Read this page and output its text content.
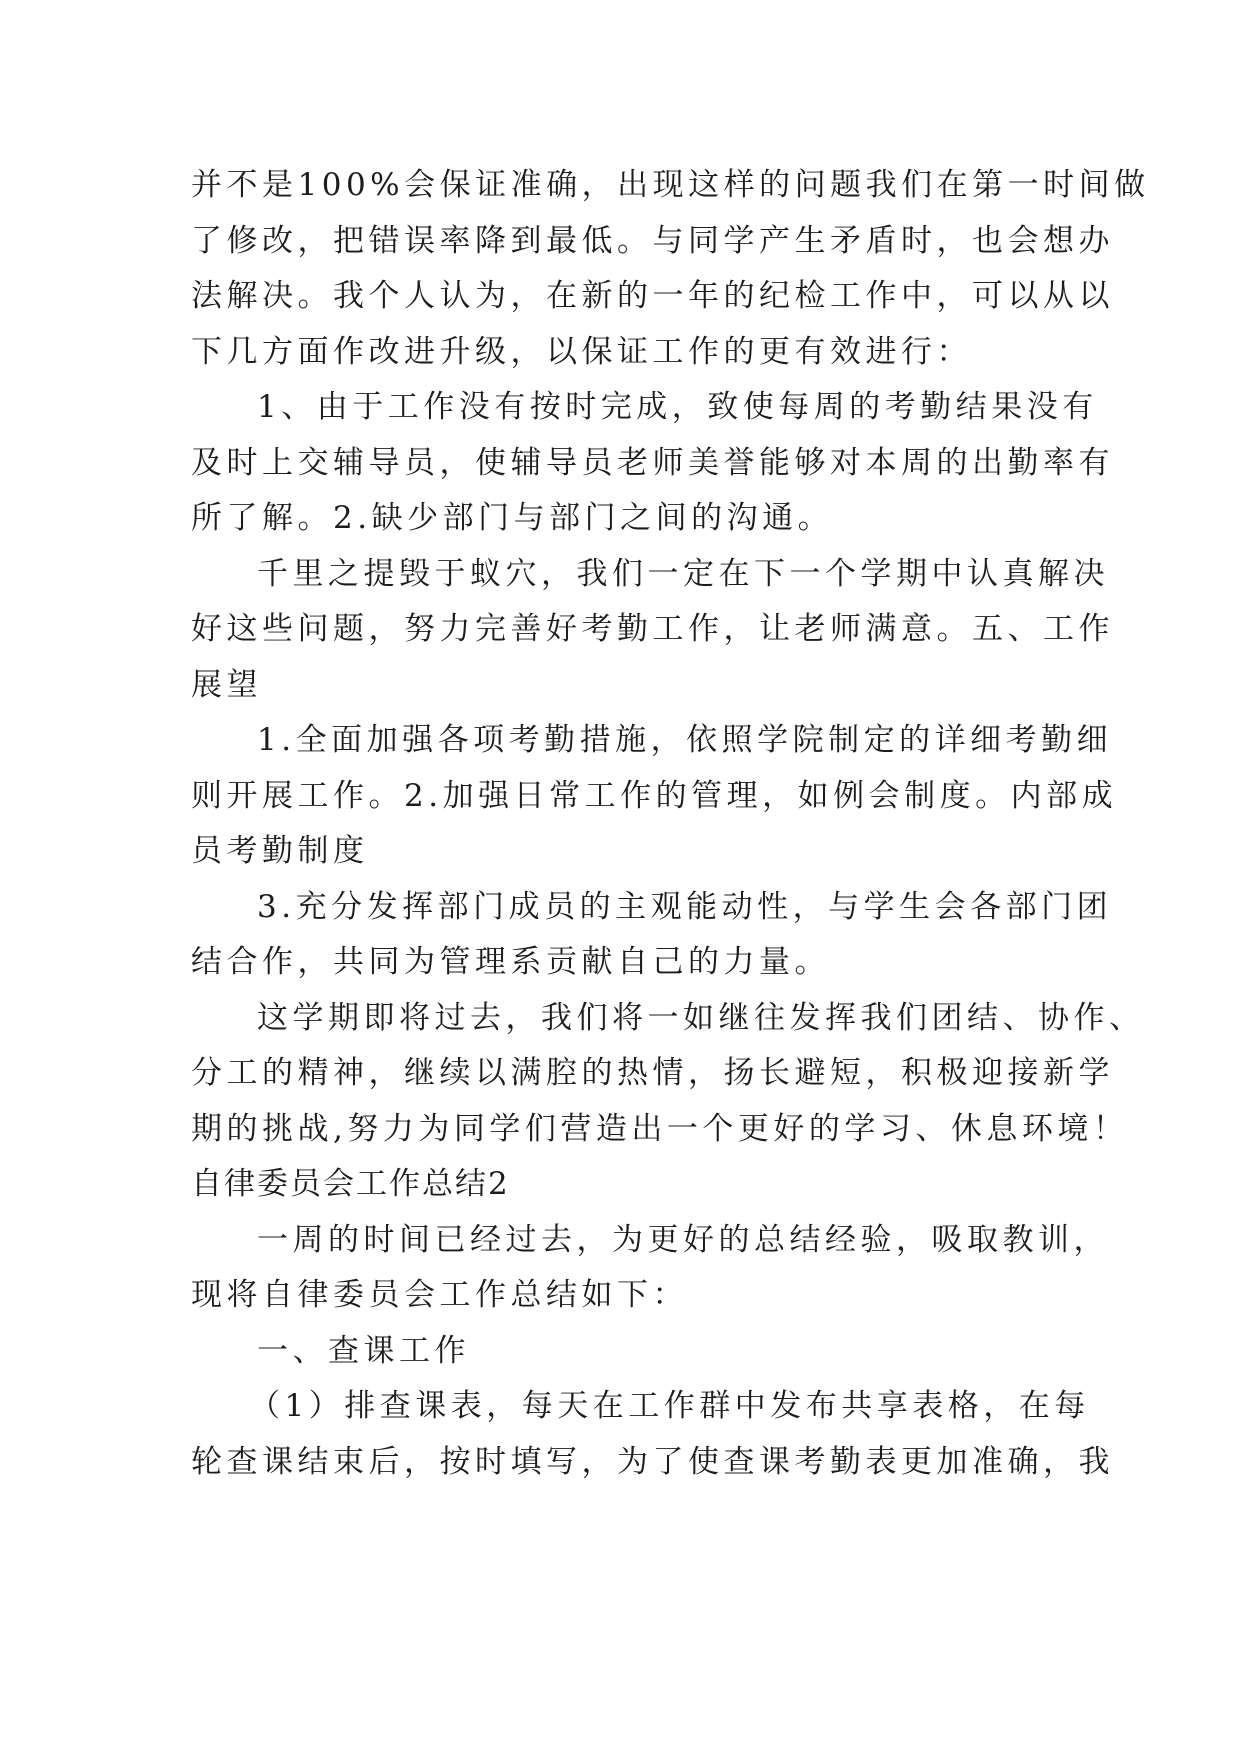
并不是100%会保证准确，出现这样的问题我们在第一时间做
了修改，把错误率降到最低。与同学产生矛盾时，也会想办
法解决。我个人认为，在新的一年的纪检工作中，可以从以
下几方面作改进升级，以保证工作的更有效进行：
1、由于工作没有按时完成，致使每周的考勤结果没有
及时上交辅导员，使辅导员老师美誉能够对本周的出勤率有
所了解。2.缺少部门与部门之间的沟通。
千里之提毁于蚁穴，我们一定在下一个学期中认真解决
好这些问题，努力完善好考勤工作，让老师满意。五、工作
展望
1.全面加强各项考勤措施，依照学院制定的详细考勤细
则开展工作。2.加强日常工作的管理，如例会制度。内部成
员考勤制度
3.充分发挥部门成员的主观能动性，与学生会各部门团
结合作，共同为管理系贡献自己的力量。
这学期即将过去，我们将一如继往发挥我们团结、协作、
分工的精神，继续以满腔的热情，扬长避短，积极迎接新学
期的挑战,努力为同学们营造出一个更好的学习、休息环境！
自律委员会工作总结2
一周的时间已经过去，为更好的总结经验，吸取教训，
现将自律委员会工作总结如下：
一、查课工作
（1）排查课表，每天在工作群中发布共享表格，在每
轮查课结束后，按时填写，为了使查课考勤表更加准确，我
